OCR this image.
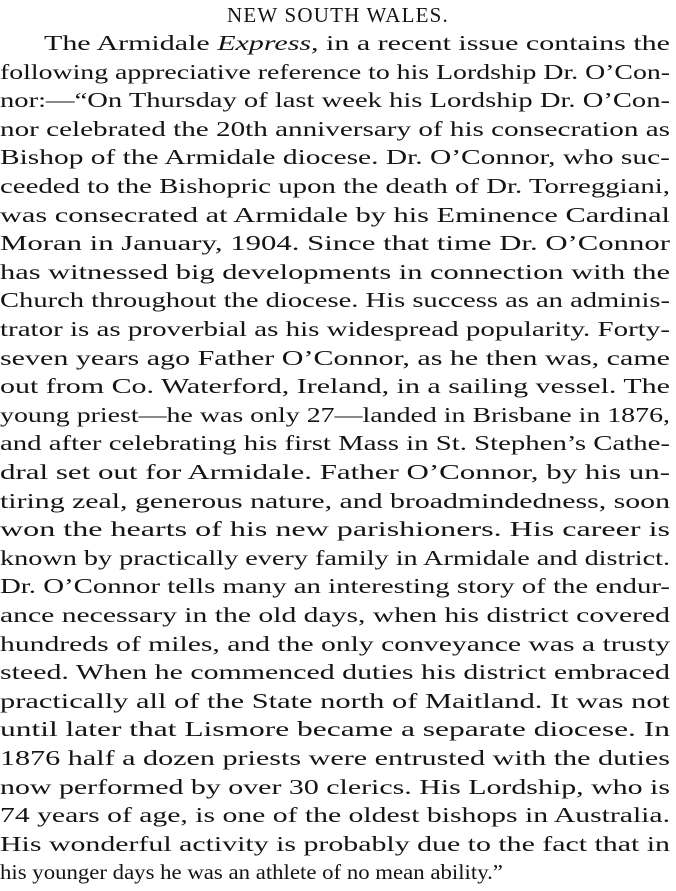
NEW SOUTH WALES.
The Armidale Express, in a recent issue contains the
following appreciative reference to his Lordship Dr. O’Con-
nor:—“On Thursday of last week his Lordship Dr. O’Con-
nor celebrated the 20th anniversary of his consecration as
Bishop of the Armidale diocese. Dr. O’Connor, who suc-
ceeded to the Bishopric upon the death of Dr. Torreggiani,
was consecrated at Armidale by his Eminence Cardinal
Moran in January, 1904. Since that time Dr. O’Connor
has witnessed big developments in connection with the
Church throughout the diocese. His success as an adminis-
trator is as proverbial as his widespread popularity. Forty-
seven years ago Father O’Connor, as he then was, came
out from Co. Waterford, Ireland, in a sailing vessel. The
young priest—he was only 27—landed in Brisbane in 1876,
and after celebrating his first Mass in St. Stephen’s Cathe-
dral set out for Armidale. Father O’Connor, by his un-
tiring zeal, generous nature, and broadmindedness, soon
won the hearts of his new parishioners. His career is
known by practically every family in Armidale and district.
Dr. O’Connor tells many an interesting story of the endur-
ance necessary in the old days, when his district covered
hundreds of miles, and the only conveyance was a trusty
steed. When he commenced duties his district embraced
practically all of the State north of Maitland. It was not
until later that Lismore became a separate diocese. In
1876 half a dozen priests were entrusted with the duties
now performed by over 30 clerics. His Lordship, who is
74 years of age, is one of the oldest bishops in Australia.
His wonderful activity is probably due to the fact that in
his younger days he was an athlete of no mean ability.”
